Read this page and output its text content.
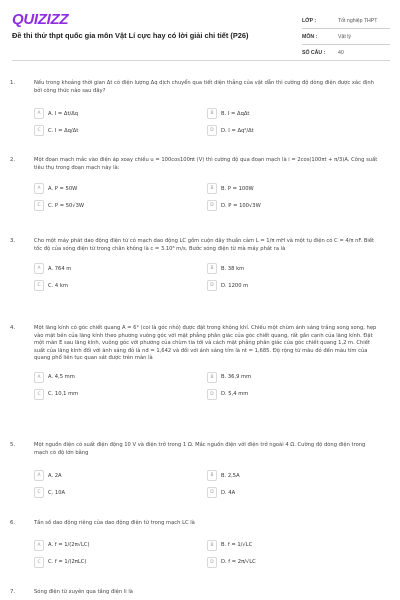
QUIZIZZ
Đề thi thử thpt quốc gia môn Vật Lí cực hay có lời giải chi tiết (P26)
LỚP :	Tốt nghiệp THPT
MÔN :	Vật lý
SỐ CÂU :	40
1.	Nếu trong khoảng thời gian Δt có điện lượng Δq dịch chuyển qua tiết diện thẳng của vật dẫn thì cường độ dòng điện được xác định bởi công thức nào sau đây?
A	A. I = Δt/Δq	B	B. I = ΔqΔt
C	C. I = Δq/Δt	D	D. I = Δq²/Δt
2.	Một đoạn mạch mắc vào điện áp xoay chiều u = 100cos100πt (V) thì cường độ qua đoạn mạch là i = 2cos(100πt + π/3)A. Công suất tiêu thụ trong đoạn mạch này là:
A	A. P = 50W	B	B. P = 100W
C	C. P = 50√3W	D	D. P = 100√3W
3.	Cho một máy phát dao động điện từ có mạch dao động LC gồm cuộn dây thuần cảm L = 1/π mH và một tụ điện có C = 4/π nF. Biết tốc độ của sóng điện từ trong chân không là c = 3.10⁸ m/s. Bước sóng điện từ mà máy phát ra là
A	A. 764 m	B	B. 38 km
C	C. 4 km	D	D. 1200 m
4.	Một lăng kính có góc chiết quang A = 6° (coi là góc nhỏ) được đặt trong không khí. Chiếu một chùm ánh sáng trắng song song, hẹp vào mặt bên của lăng kính theo phương vuông góc với mặt phẳng phân giác của góc chiết quang, rất gần cạnh của lăng kính. Đặt một màn E sau lăng kính, vuông góc với phương của chùm tia tới và cách mặt phẳng phân giác của góc chiết quang 1,2 m. Chiết suất của lăng kính đối với ánh sáng đỏ là nđ = 1,642 và đối với ánh sáng tím là nt = 1,685. Độ rộng từ màu đỏ đến màu tím của quang phổ liên tục quan sát được trên màn là
A	A. 4,5 mm	B	B. 36,9 mm
C	C. 10,1 mm	D	D. 5,4 mm
5.	Một nguồn điện có suất điện động 10 V và điện trở trong 1 Ω. Mắc nguồn điện với điện trở ngoài 4 Ω. Cường độ dòng điện trong mạch có độ lớn bằng
A	A. 2A	B	B. 2,5A
C	C. 10A	D	D. 4A
6.	Tần số dao động riêng của dao động điện từ trong mạch LC là
A	A. f = 1/(2π√LC)	B	B. f = 1/√LC
C	C. f = 1/(2πLC)	D	D. f = 2π/√LC
7.	Sóng điện từ xuyên qua tầng điện li là
